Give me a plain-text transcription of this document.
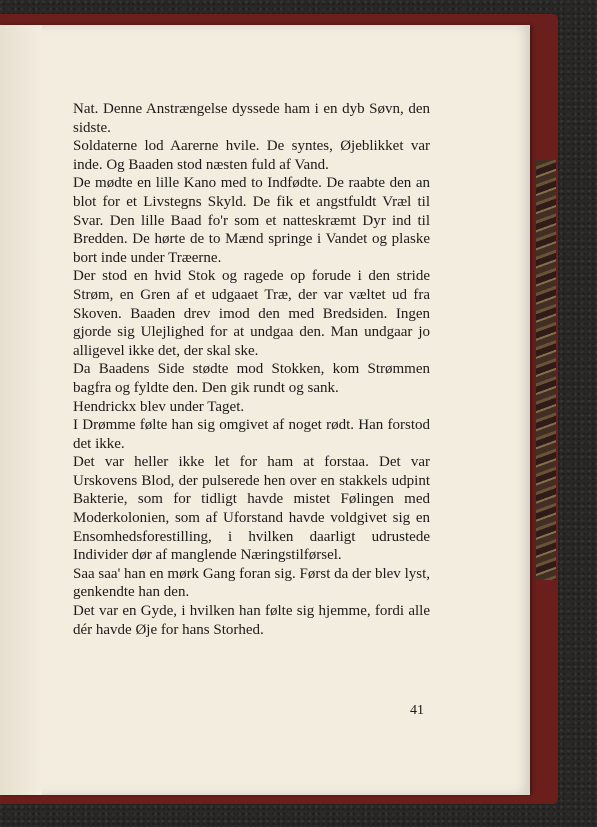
Nat. Denne Anstrængelse dyssede ham i en dyb Søvn, den sidste.

Soldaterne lod Aarerne hvile. De syntes, Øjeblikket var inde. Og Baaden stod næsten fuld af Vand.

De mødte en lille Kano med to Indfødte. De raabte den an blot for et Livstegns Skyld. De fik et angstfuldt Vræl til Svar. Den lille Baad fo'r som et natteskræmt Dyr ind til Bredden. De hørte de to Mænd springe i Vandet og plaske bort inde under Træerne.

Der stod en hvid Stok og ragede op forude i den stride Strøm, en Gren af et udgaaet Træ, der var væltet ud fra Skoven. Baaden drev imod den med Bredsiden. Ingen gjorde sig Ulejlighed for at undgaa den. Man undgaar jo alligevel ikke det, der skal ske.

Da Baadens Side stødte mod Stokken, kom Strømmen bagfra og fyldte den. Den gik rundt og sank.

Hendrickx blev under Taget.

I Drømme følte han sig omgivet af noget rødt. Han forstod det ikke.

Det var heller ikke let for ham at forstaa. Det var Urskovens Blod, der pulserede hen over en stakkels udpint Bakterie, som for tidligt havde mistet Følingen med Moderkolonien, som af Uforstand havde voldgivet sig en Ensomhedsforestilling, i hvilken daarligt udrustede Individer dør af manglende Næringstilførsel.

Saa saa' han en mørk Gang foran sig. Først da der blev lyst, genkendte han den.

Det var en Gyde, i hvilken han følte sig hjemme, fordi alle dér havde Øje for hans Storhed.

41
